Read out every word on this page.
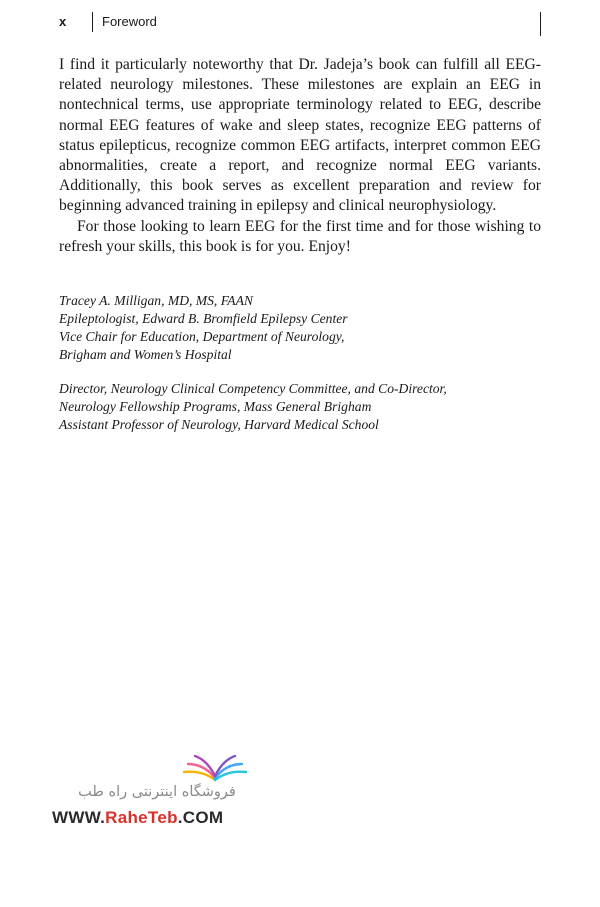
x	Foreword

I find it particularly noteworthy that Dr. Jadeja’s book can fulfill all EEG-related neurology milestones. These milestones are explain an EEG in nontechnical terms, use appropriate terminology related to EEG, describe normal EEG features of wake and sleep states, recognize EEG patterns of status epilepticus, recognize common EEG artifacts, interpret common EEG abnormalities, create a report, and recognize normal EEG variants. Additionally, this book serves as excellent preparation and review for beginning advanced training in epilepsy and clinical neurophysiology.

For those looking to learn EEG for the first time and for those wishing to refresh your skills, this book is for you. Enjoy!

Tracey A. Milligan, MD, MS, FAAN
Epileptologist, Edward B. Bromfield Epilepsy Center
Vice Chair for Education, Department of Neurology,
Brigham and Women’s Hospital
Director, Neurology Clinical Competency Committee, and Co-Director,
Neurology Fellowship Programs, Mass General Brigham
Assistant Professor of Neurology, Harvard Medical School
فروشگاه اینترنتی راه طب
WWW.RaheTeb.COM
